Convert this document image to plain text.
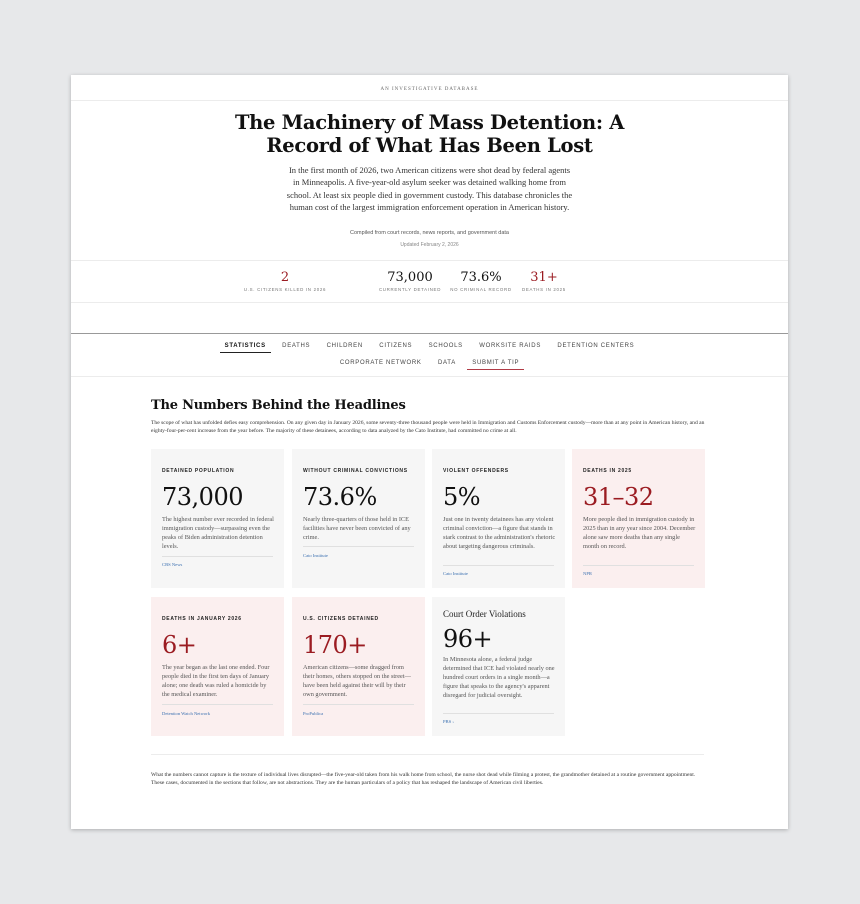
AN INVESTIGATIVE DATABASE
The Machinery of Mass Detention: A Record of What Has Been Lost

In the first month of 2026, two American citizens were shot dead by federal agents in Minneapolis. A five-year-old asylum seeker was detained walking home from school. At least six people died in government custody. This database chronicles the human cost of the largest immigration enforcement operation in American history.

Compiled from court records, news reports, and government data
Updated February 2, 2026
2
U.S. CITIZENS KILLED IN 2026
73,000
CURRENTLY DETAINED
73.6%
NO CRIMINAL RECORD
31+
DEATHS IN 2025
STATISTICS	DEATHS	CHILDREN	CITIZENS	SCHOOLS	WORKSITE RAIDS	DETENTION CENTERS
CORPORATE NETWORK	DATA	SUBMIT A TIP
The Numbers Behind the Headlines

The scope of what has unfolded defies easy comprehension. On any given day in January 2026, some seventy-three thousand people were held in Immigration and Customs Enforcement custody—more than at any point in American history, and an eighty-four-per-cent increase from the year before. The majority of these detainees, according to data analyzed by the Cato Institute, had committed no crime at all.

DETAINED POPULATION
73,000
The highest number ever recorded in federal immigration custody—surpassing even the peaks of Biden administration detention levels.
CBS News
WITHOUT CRIMINAL CONVICTIONS
73.6%
Nearly three-quarters of those held in ICE facilities have never been convicted of any crime.
Cato Institute
VIOLENT OFFENDERS
5%
Just one in twenty detainees has any violent criminal conviction—a figure that stands in stark contrast to the administration's rhetoric about targeting dangerous criminals.
Cato Institute
DEATHS IN 2025
31–32
More people died in immigration custody in 2025 than in any year since 2004. December alone saw more deaths than any single month on record.
NPR
DEATHS IN JANUARY 2026
6+
The year began as the last one ended. Four people died in the first ten days of January alone; one death was ruled a homicide by the medical examiner.
Detention Watch Network
U.S. CITIZENS DETAINED
170+
American citizens—some dragged from their homes, others stopped on the street—have been held against their will by their own government.
ProPublica
Court Order Violations
96+
In Minnesota alone, a federal judge determined that ICE had violated nearly one hundred court orders in a single month—a figure that speaks to the agency's apparent disregard for judicial oversight.
PBS ›

What the numbers cannot capture is the texture of individual lives disrupted—the five-year-old taken from his walk home from school, the nurse shot dead while filming a protest, the grandmother detained at a routine government appointment. These cases, documented in the sections that follow, are not abstractions. They are the human particulars of a policy that has reshaped the landscape of American civil liberties.
